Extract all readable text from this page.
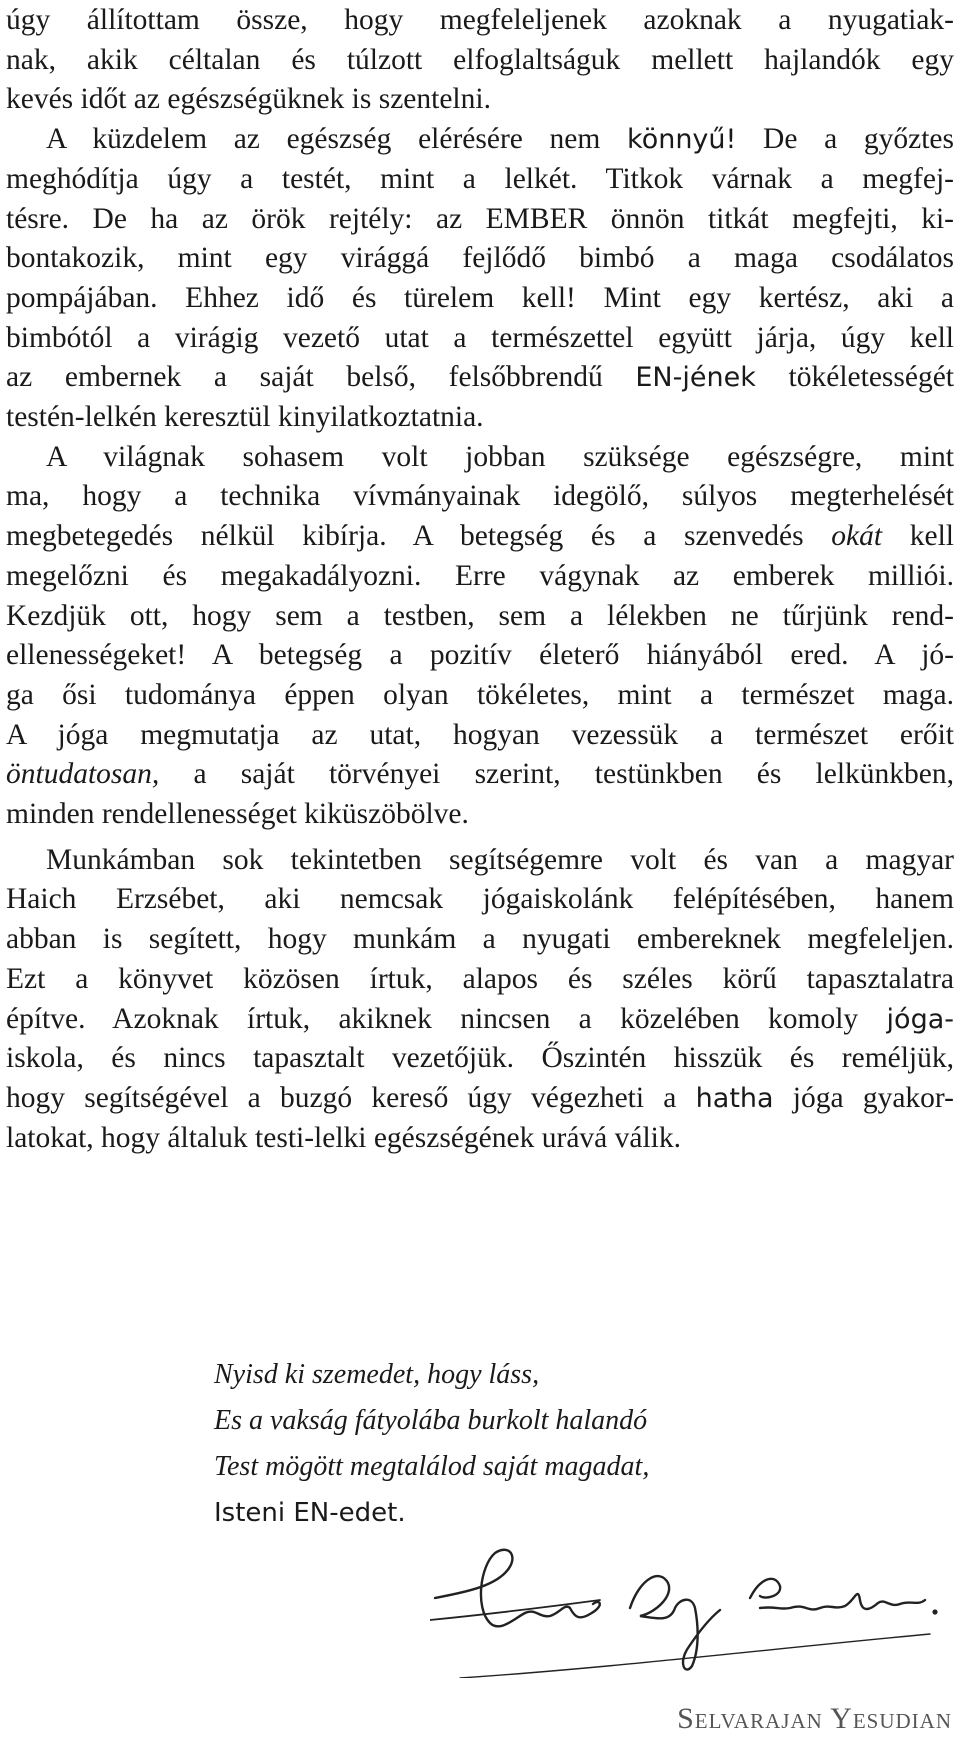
úgy állítottam össze, hogy megfeleljenek azoknak a nyugatiak-
nak, akik céltalan és túlzott elfoglaltságuk mellett hajlandók egy
kevés időt az egészségüknek is szentelni.
A küzdelem az egészség elérésére nem könnyű! De a győztes
meghódítja úgy a testét, mint a lelkét. Titkok várnak a megfej-
tésre. De ha az örök rejtély: az EMBER önnön titkát megfejti, ki-
bontakozik, mint egy virággá fejlődő bimbó a maga csodálatos
pompájában. Ehhez idő és türelem kell! Mint egy kertész, aki a
bimbótól a virágig vezető utat a természettel együtt járja, úgy kell
az embernek a saját belső, felsőbbrendű EN-jének tökéletességét
testén-lelkén keresztül kinyilatkoztatnia.
A világnak sohasem volt jobban szüksége egészségre, mint
ma, hogy a technika vívmányainak idegölő, súlyos megterhelését
megbetegedés nélkül kibírja. A betegség és a szenvedés okát kell
megelőzni és megakadályozni. Erre vágynak az emberek milliói.
Kezdjük ott, hogy sem a testben, sem a lélekben ne tűrjünk rend-
ellenességeket! A betegség a pozitív életerő hiányából ered. A jó-
ga ősi tudománya éppen olyan tökéletes, mint a természet maga.
A jóga megmutatja az utat, hogyan vezessük a természet erőit
öntudatosan, a saját törvényei szerint, testünkben és lelkünkben,
minden rendellenességet kiküszöbölve.
Munkámban sok tekintetben segítségemre volt és van a magyar
Haich Erzsébet, aki nemcsak jógaiskolánk felépítésében, hanem
abban is segített, hogy munkám a nyugati embereknek megfeleljen.
Ezt a könyvet közösen írtuk, alapos és széles körű tapasztalatra
építve. Azoknak írtuk, akiknek nincsen a közelében komoly jóga-
iskola, és nincs tapasztalt vezetőjük. Őszintén hisszük és reméljük,
hogy segítségével a buzgó kereső úgy végezheti a hatha jóga gyakor-
latokat, hogy általuk testi-lelki egészségének urává válik.
Nyisd ki szemedet, hogy láss,
Es a vakság fátyolába burkolt halandó
Test mögött megtalálod saját magadat,
Isteni EN-edet.
Selvarajan Yesudian
